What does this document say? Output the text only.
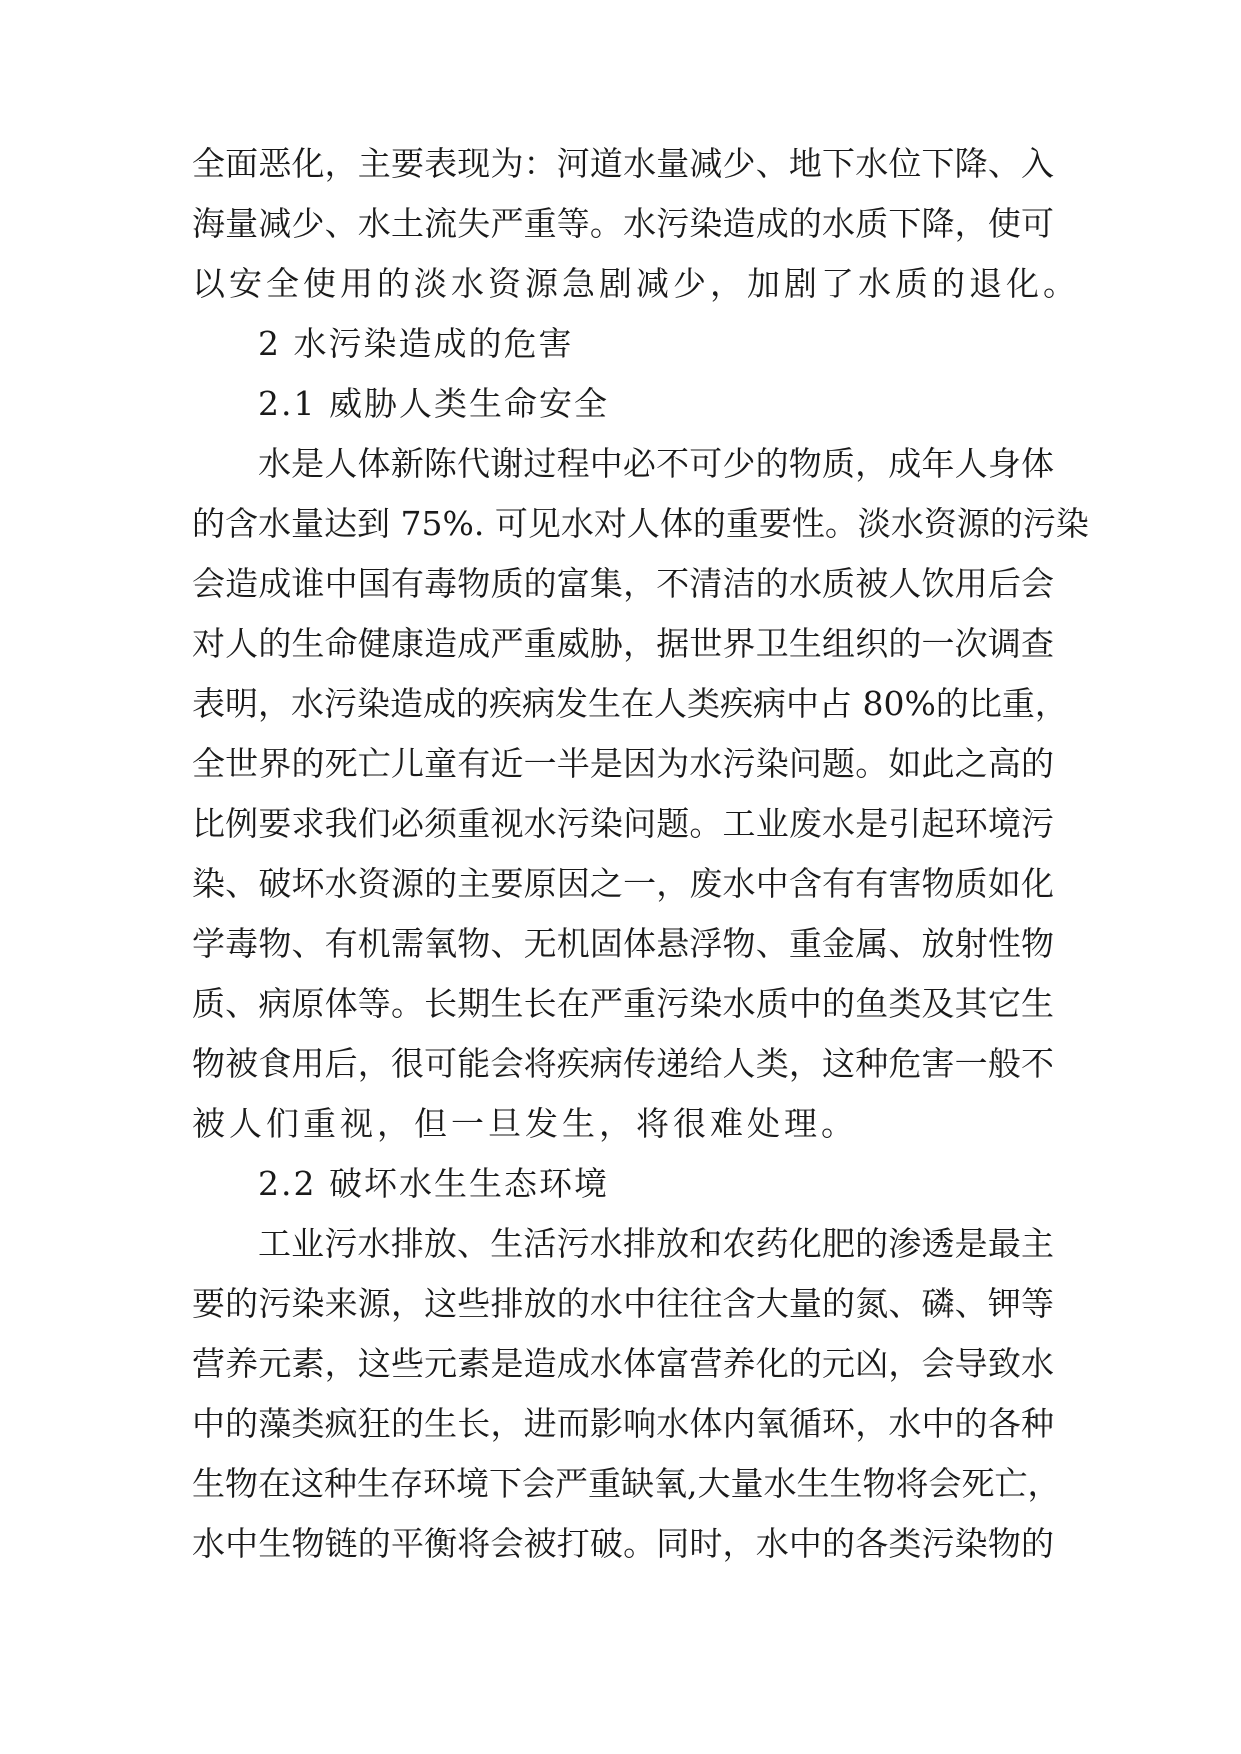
全面恶化，主要表现为：河道水量减少、地下水位下降、入
海量减少、水土流失严重等。水污染造成的水质下降，使可
以安全使用的淡水资源急剧减少，加剧了水质的退化。
2 水污染造成的危害
2.1 威胁人类生命安全
水是人体新陈代谢过程中必不可少的物质，成年人身体
的含水量达到 75%. 可见水对人体的重要性。淡水资源的污染
会造成谁中国有毒物质的富集，不清洁的水质被人饮用后会
对人的生命健康造成严重威胁，据世界卫生组织的一次调查
表明，水污染造成的疾病发生在人类疾病中占 80%的比重，
全世界的死亡儿童有近一半是因为水污染问题。如此之高的
比例要求我们必须重视水污染问题。工业废水是引起环境污
染、破坏水资源的主要原因之一，废水中含有有害物质如化
学毒物、有机需氧物、无机固体悬浮物、重金属、放射性物
质、病原体等。长期生长在严重污染水质中的鱼类及其它生
物被食用后，很可能会将疾病传递给人类，这种危害一般不
被人们重视，但一旦发生，将很难处理。
2.2 破坏水生生态环境
工业污水排放、生活污水排放和农药化肥的渗透是最主
要的污染来源，这些排放的水中往往含大量的氮、磷、钾等
营养元素，这些元素是造成水体富营养化的元凶，会导致水
中的藻类疯狂的生长，进而影响水体内氧循环，水中的各种
生物在这种生存环境下会严重缺氧,大量水生生物将会死亡，
水中生物链的平衡将会被打破。同时，水中的各类污染物的
